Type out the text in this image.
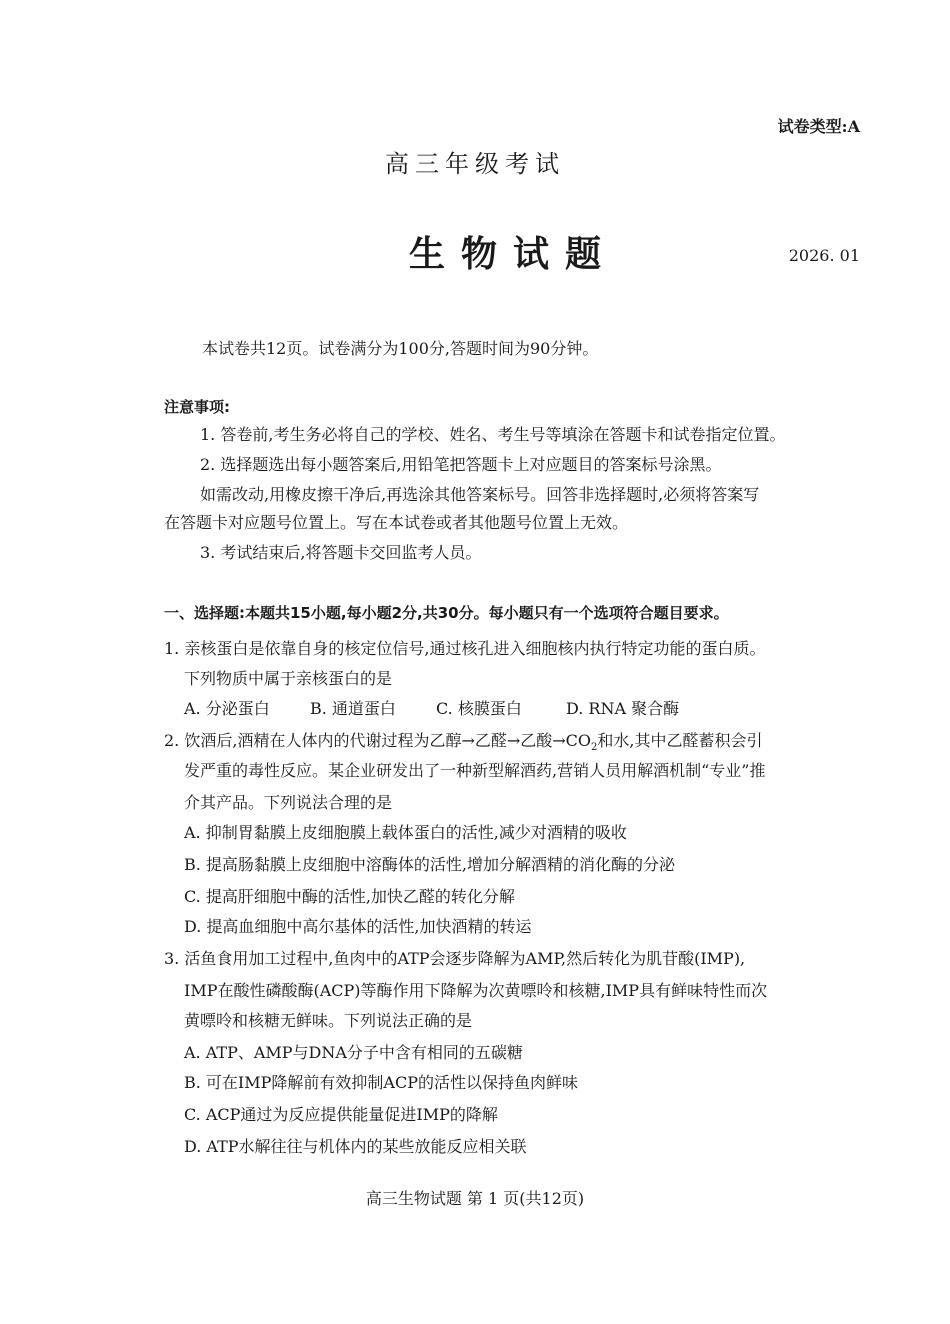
试卷类型:A
高三年级考试
生物试题	2026. 01
本试卷共12页。试卷满分为100分,答题时间为90分钟。
注意事项:
1. 答卷前,考生务必将自己的学校、姓名、考生号等填涂在答题卡和试卷指定位置。
2. 选择题选出每小题答案后,用铅笔把答题卡上对应题目的答案标号涂黑。
如需改动,用橡皮擦干净后,再选涂其他答案标号。回答非选择题时,必须将答案写
在答题卡对应题号位置上。写在本试卷或者其他题号位置上无效。
3. 考试结束后,将答题卡交回监考人员。
一、选择题:本题共15小题,每小题2分,共30分。每小题只有一个选项符合题目要求。
1. 亲核蛋白是依靠自身的核定位信号,通过核孔进入细胞核内执行特定功能的蛋白质。
下列物质中属于亲核蛋白的是
A. 分泌蛋白	B. 通道蛋白	C. 核膜蛋白	D. RNA 聚合酶
2. 饮酒后,酒精在人体内的代谢过程为乙醇→乙醛→乙酸$\to CO_2$和水,其中乙醛蓄积会引
发严重的毒性反应。某企业研发出了一种新型解酒药,营销人员用解酒机制“专业”推
介其产品。下列说法合理的是
A. 抑制胃黏膜上皮细胞膜上载体蛋白的活性,减少对酒精的吸收
B. 提高肠黏膜上皮细胞中溶酶体的活性,增加分解酒精的消化酶的分泌
C. 提高肝细胞中酶的活性,加快乙醛的转化分解
D. 提高血细胞中高尔基体的活性,加快酒精的转运
3. 活鱼食用加工过程中,鱼肉中的ATP会逐步降解为AMP,然后转化为肌苷酸(IMP),
IMP在酸性磷酸酶(ACP)等酶作用下降解为次黄嘌呤和核糖,IMP具有鲜味特性而次
黄嘌呤和核糖无鲜味。下列说法正确的是
A. ATP、AMP与DNA分子中含有相同的五碳糖
B. 可在IMP降解前有效抑制ACP的活性以保持鱼肉鲜味
C. ACP通过为反应提供能量促进IMP的降解
D. ATP水解往往与机体内的某些放能反应相关联
高三生物试题 第 1 页(共12页)
